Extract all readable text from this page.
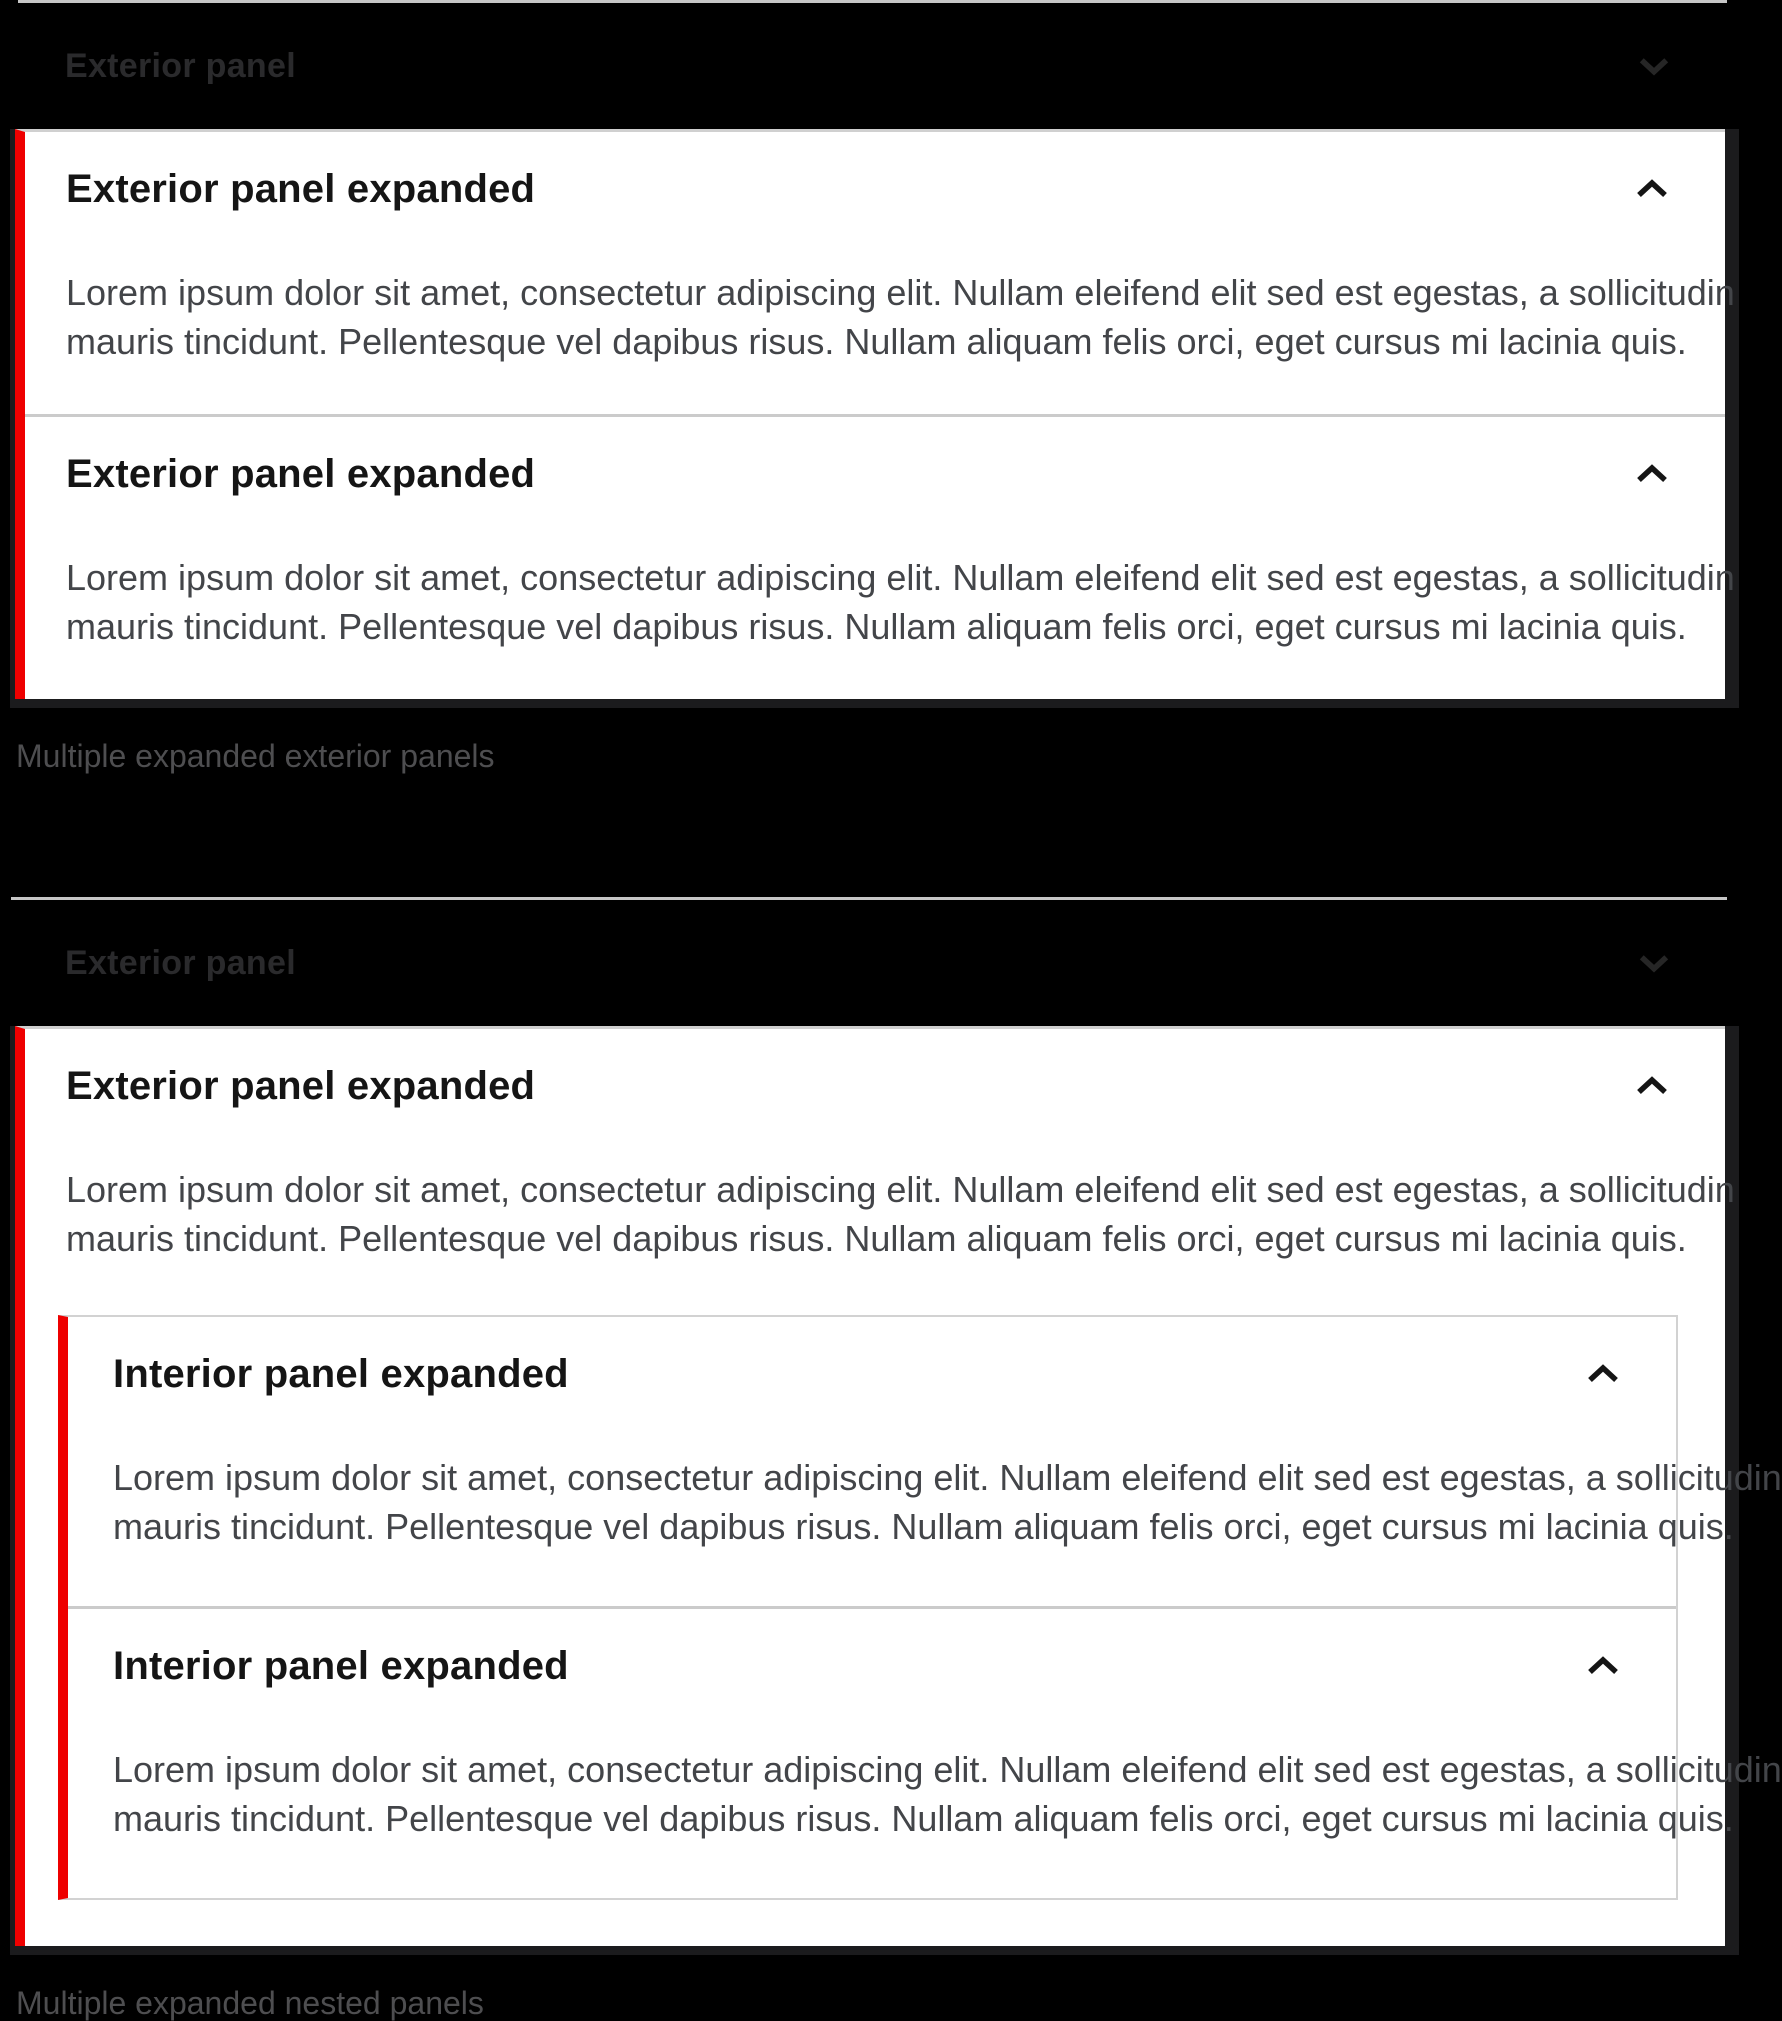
Exterior panel
Exterior panel expanded
Lorem ipsum dolor sit amet, consectetur adipiscing elit. Nullam eleifend elit sed est egestas, a sollicitudin
mauris tincidunt. Pellentesque vel dapibus risus. Nullam aliquam felis orci, eget cursus mi lacinia quis.
Exterior panel expanded
Lorem ipsum dolor sit amet, consectetur adipiscing elit. Nullam eleifend elit sed est egestas, a sollicitudin
mauris tincidunt. Pellentesque vel dapibus risus. Nullam aliquam felis orci, eget cursus mi lacinia quis.
Multiple expanded exterior panels
Exterior panel
Exterior panel expanded
Lorem ipsum dolor sit amet, consectetur adipiscing elit. Nullam eleifend elit sed est egestas, a sollicitudin
mauris tincidunt. Pellentesque vel dapibus risus. Nullam aliquam felis orci, eget cursus mi lacinia quis.
Interior panel expanded
Lorem ipsum dolor sit amet, consectetur adipiscing elit. Nullam eleifend elit sed est egestas, a sollicitudin
mauris tincidunt. Pellentesque vel dapibus risus. Nullam aliquam felis orci, eget cursus mi lacinia quis.
Interior panel expanded
Lorem ipsum dolor sit amet, consectetur adipiscing elit. Nullam eleifend elit sed est egestas, a sollicitudin
mauris tincidunt. Pellentesque vel dapibus risus. Nullam aliquam felis orci, eget cursus mi lacinia quis.
Multiple expanded nested panels
